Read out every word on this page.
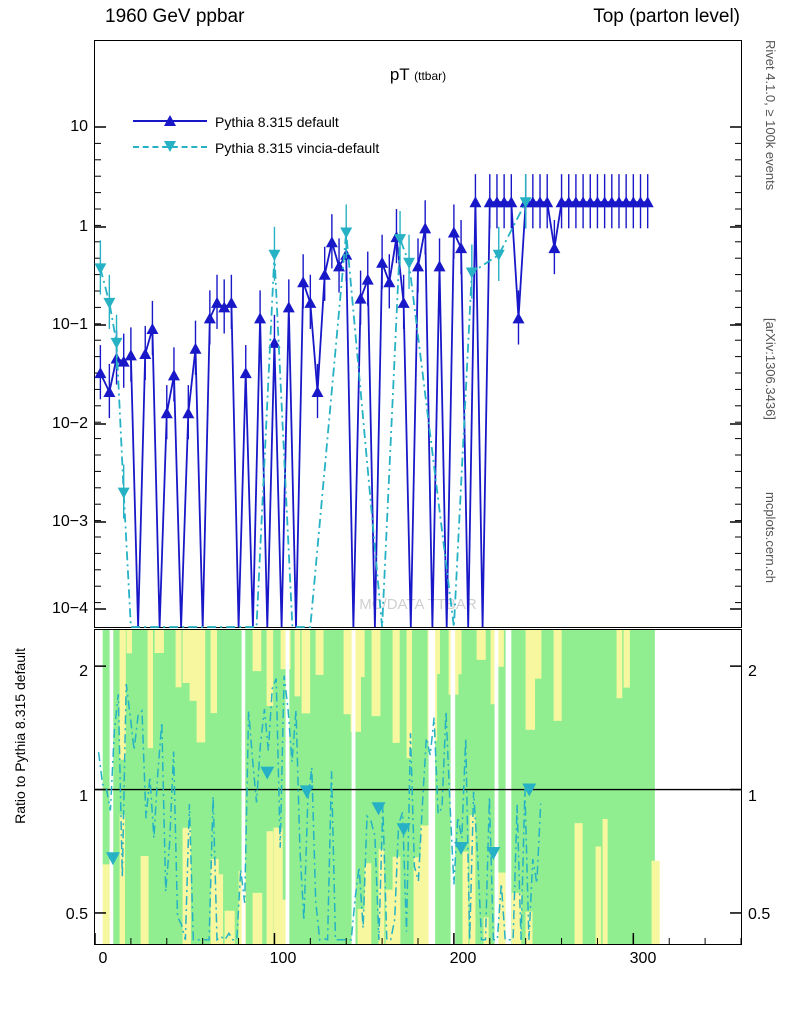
1960 GeV ppbar	Top (parton level)
Rivet 4.1.0, ≥ 100k events
[arXiv:1306.3436]
mcplots.cern.ch
pT (ttbar)
10
1
10−1
10−2
10−3
10−4
Pythia 8.315 default
Pythia 8.315 vincia-default
MC/DATA TTBAR
Ratio to Pythia 8.315 default	2
1
0.5
2
1
0.5
0	100	200	300
